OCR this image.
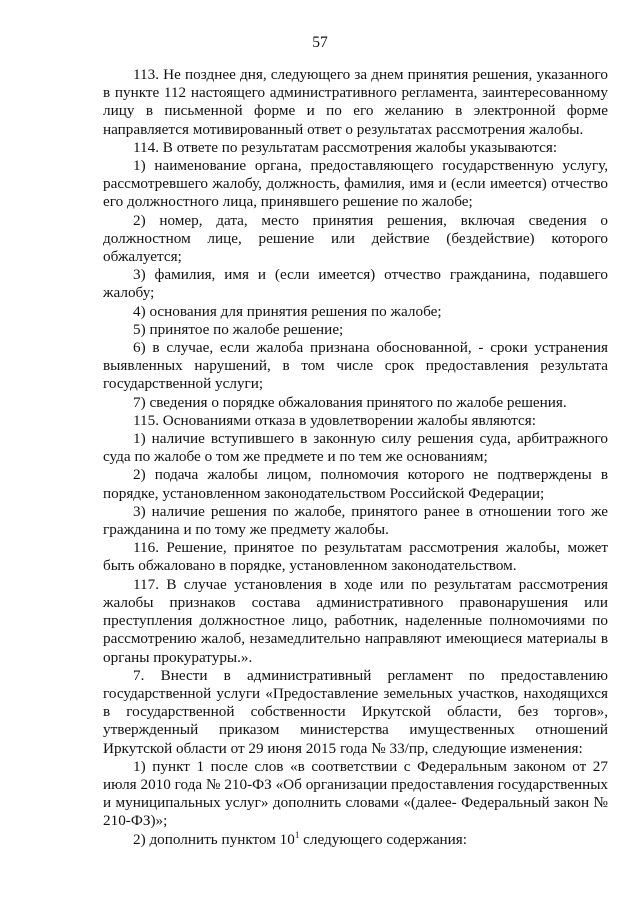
57

113. Не позднее дня, следующего за днем принятия решения, указанного в пункте 112 настоящего административного регламента, заинтересованному лицу в письменной форме и по его желанию в электронной форме направляется мотивированный ответ о результатах рассмотрения жалобы.

114. В ответе по результатам рассмотрения жалобы указываются:

1) наименование органа, предоставляющего государственную услугу, рассмотревшего жалобу, должность, фамилия, имя и (если имеется) отчество его должностного лица, принявшего решение по жалобе;

2) номер, дата, место принятия решения, включая сведения о должностном лице, решение или действие (бездействие) которого обжалуется;

3) фамилия, имя и (если имеется) отчество гражданина, подавшего жалобу;

4) основания для принятия решения по жалобе;

5) принятое по жалобе решение;

6) в случае, если жалоба признана обоснованной, - сроки устранения выявленных нарушений, в том числе срок предоставления результата государственной услуги;

7) сведения о порядке обжалования принятого по жалобе решения.

115. Основаниями отказа в удовлетворении жалобы являются:

1) наличие вступившего в законную силу решения суда, арбитражного суда по жалобе о том же предмете и по тем же основаниям;

2) подача жалобы лицом, полномочия которого не подтверждены в порядке, установленном законодательством Российской Федерации;

3) наличие решения по жалобе, принятого ранее в отношении того же гражданина и по тому же предмету жалобы.

116. Решение, принятое по результатам рассмотрения жалобы, может быть обжаловано в порядке, установленном законодательством.

117. В случае установления в ходе или по результатам рассмотрения жалобы признаков состава административного правонарушения или преступления должностное лицо, работник, наделенные полномочиями по рассмотрению жалоб, незамедлительно направляют имеющиеся материалы в органы прокуратуры.».

7. Внести в административный регламент по предоставлению государственной услуги «Предоставление земельных участков, находящихся в государственной собственности Иркутской области, без торгов», утвержденный приказом министерства имущественных отношений Иркутской области от 29 июня 2015 года № 33/пр, следующие изменения:

1) пункт 1 после слов «в соответствии с Федеральным законом от 27 июля 2010 года № 210-ФЗ «Об организации предоставления государственных и муниципальных услуг» дополнить словами «(далее- Федеральный закон № 210-ФЗ)»;

2) дополнить пунктом $10^1$ следующего содержания:
